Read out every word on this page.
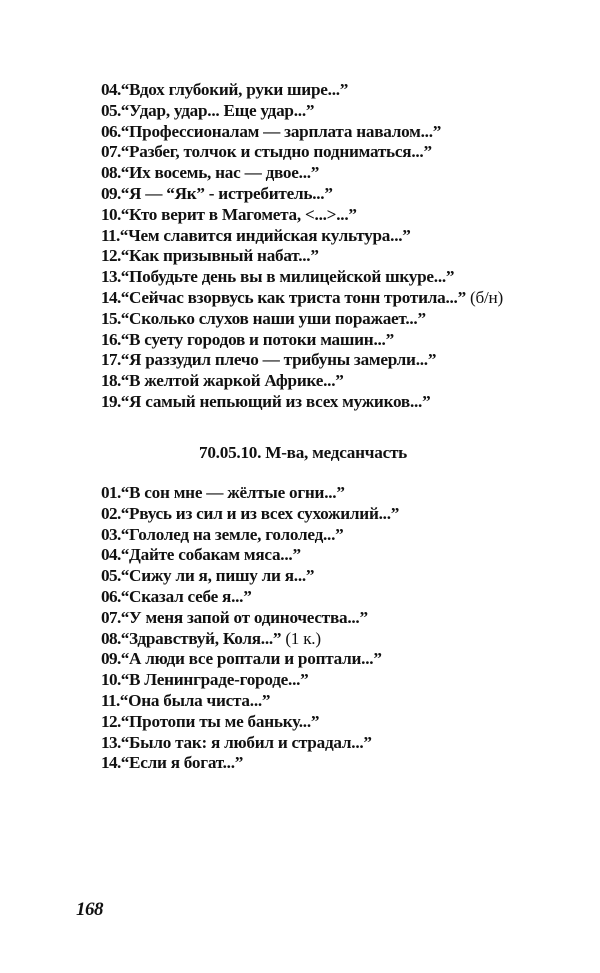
04.“Вдох глубокий, руки шире...”
05.“Удар, удар... Еще удар...”
06.“Профессионалам — зарплата навалом...”
07.“Разбег, толчок и стыдно подниматься...”
08.“Их восемь, нас — двое...”
09.“Я — “Як” - истребитель...”
10.“Кто верит в Магомета, <...>...”
11.“Чем славится индийская культура...”
12.“Как призывный набат...”
13.“Побудьте день вы в милицейской шкуре...”
14.“Сейчас взорвусь как триста тонн тротила...” (б/н)
15.“Сколько слухов наши уши поражает...”
16.“В суету городов и потоки машин...”
17.“Я раззудил плечо — трибуны замерли...”
18.“В желтой жаркой Африке...”
19.“Я самый непьющий из всех мужиков...”
70.05.10. М-ва, медсанчасть
01.“В сон мне — жёлтые огни...”
02.“Рвусь из сил и из всех сухожилий...”
03.“Гололед на земле, гололед...”
04.“Дайте собакам мяса...”
05.“Сижу ли я, пишу ли я...”
06.“Сказал себе я...”
07.“У меня запой от одиночества...”
08.“Здравствуй, Коля...” (1 к.)
09.“А люди все роптали и роптали...”
10.“В Ленинграде-городе...”
11.“Она была чиста...”
12.“Протопи ты ме баньку...”
13.“Было так: я любил и страдал...”
14.“Если я богат...”
168
